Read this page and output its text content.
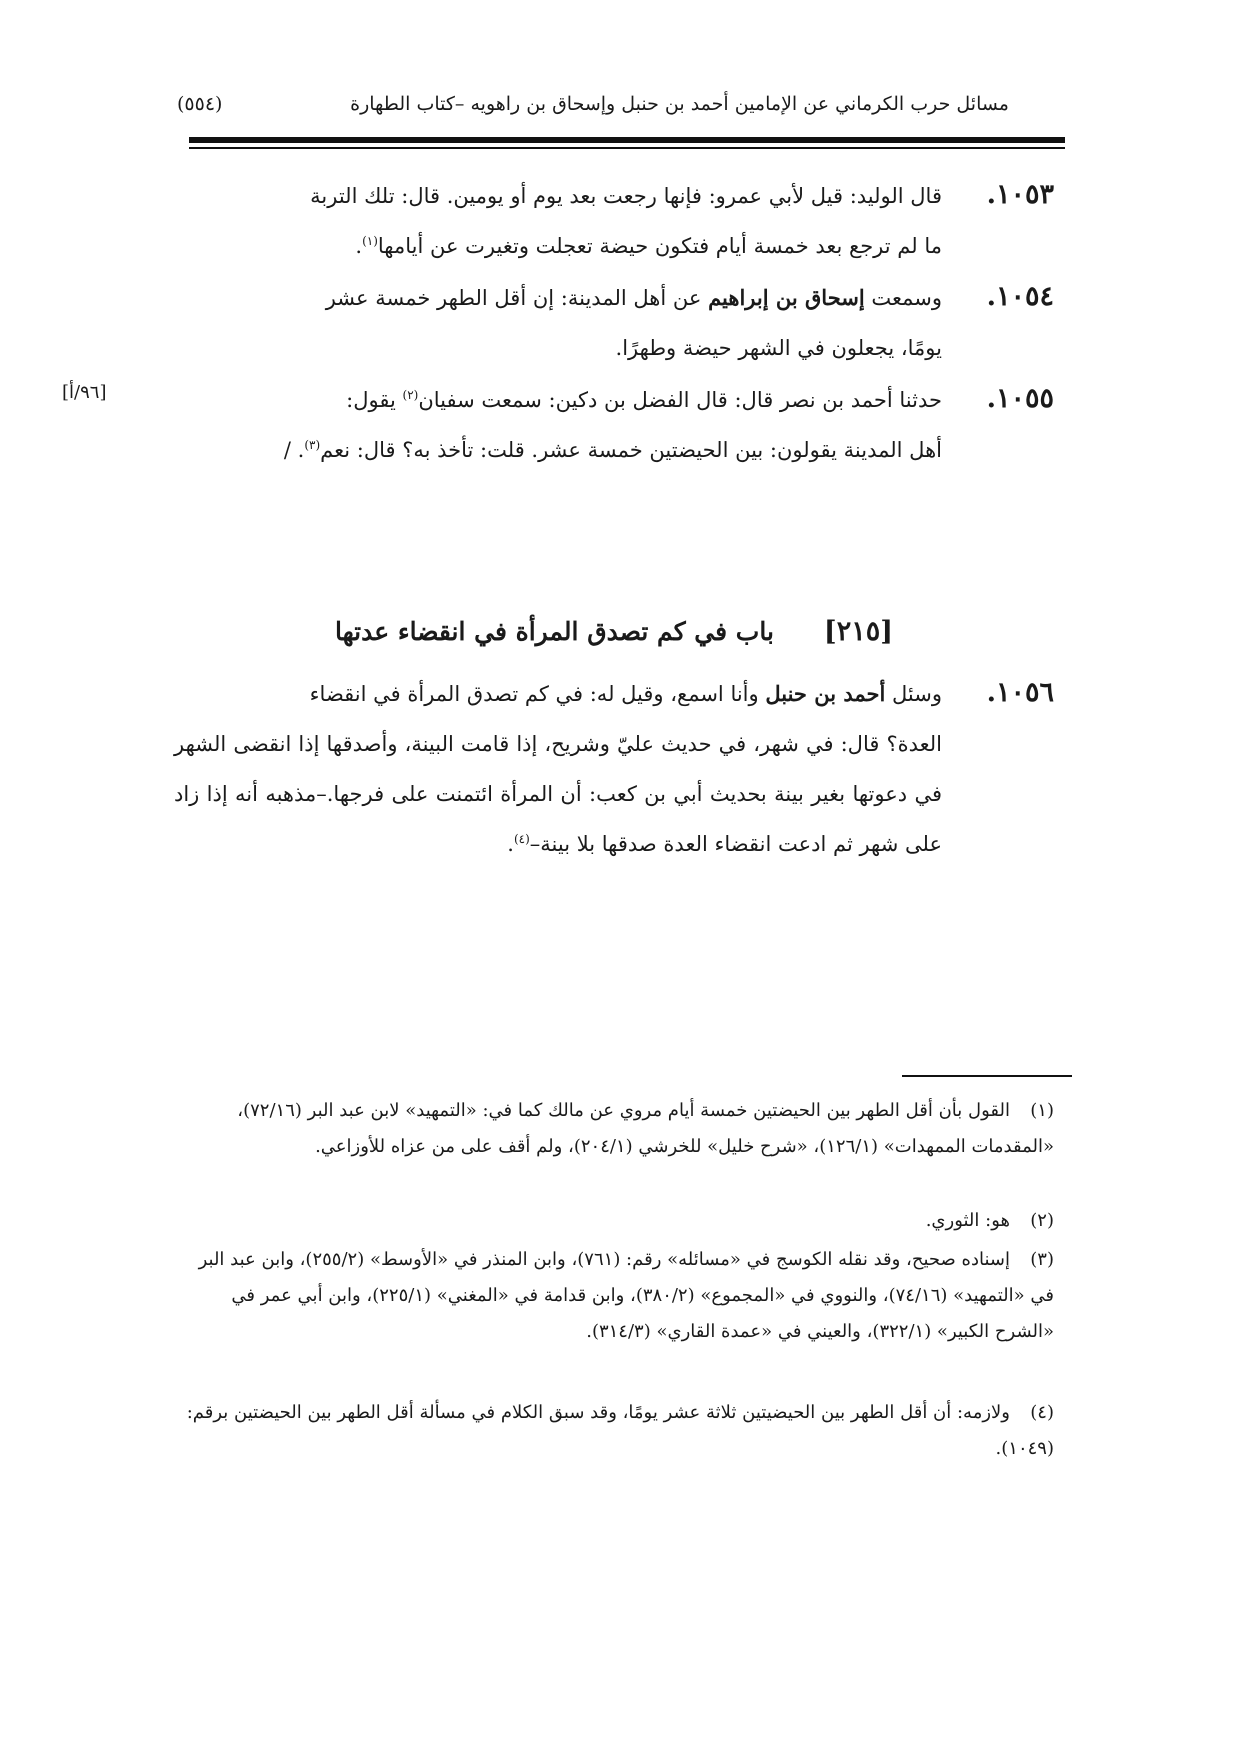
مسائل حرب الكرماني عن الإمامين أحمد بن حنبل وإسحاق بن راهويه –كتاب الطهارة
(٥٥٤)
١٠٥٣.قال الوليد: قيل لأبي عمرو: فإنها رجعت بعد يوم أو يومين. قال: تلك التربة
ما لم ترجع بعد خمسة أيام فتكون حيضة تعجلت وتغيرت عن أيامها$^{(١)}$.
١٠٥٤.وسمعت إسحاق بن إبراهيم عن أهل المدينة: إن أقل الطهر خمسة عشر
يومًا، يجعلون في الشهر حيضة وطهرًا.
١٠٥٥.حدثنا أحمد بن نصر قال: قال الفضل بن دكين: سمعت سفيان$^{(٢)}$ يقول:
أهل المدينة يقولون: بين الحيضتين خمسة عشر. قلت: تأخذ به؟ قال: نعم$^{(٣)}$. /
[٩٦/أ]
[٢١٥]باب في كم تصدق المرأة في انقضاء عدتها
١٠٥٦.وسئل أحمد بن حنبل وأنا اسمع، وقيل له: في كم تصدق المرأة في انقضاء
العدة؟ قال: في شهر، في حديث عليّ وشريح، إذا قامت البينة، وأصدقها إذا انقضى الشهر في دعوتها بغير بينة بحديث أبي بن كعب: أن المرأة ائتمنت على فرجها.–مذهبه أنه إذا زاد على شهر ثم ادعت انقضاء العدة صدقها بلا بينة–$^{(٤)}$.
(١)القول بأن أقل الطهر بين الحيضتين خمسة أيام مروي عن مالك كما في: «التمهيد» لابن عبد البر (٧٢/١٦)، «المقدمات الممهدات» (١٢٦/١)، «شرح خليل» للخرشي (٢٠٤/١)، ولم أقف على من عزاه للأوزاعي.
(٢)هو: الثوري.
(٣)إسناده صحيح، وقد نقله الكوسج في «مسائله» رقم: (٧٦١)، وابن المنذر في «الأوسط» (٢٥٥/٢)، وابن عبد البر في «التمهيد» (٧٤/١٦)، والنووي في «المجموع» (٣٨٠/٢)، وابن قدامة في «المغني» (٢٢٥/١)، وابن أبي عمر في «الشرح الكبير» (٣٢٢/١)، والعيني في «عمدة القاري» (٣١٤/٣).
(٤)ولازمه: أن أقل الطهر بين الحيضيتين ثلاثة عشر يومًا، وقد سبق الكلام في مسألة أقل الطهر بين الحيضتين برقم: (١٠٤٩).
